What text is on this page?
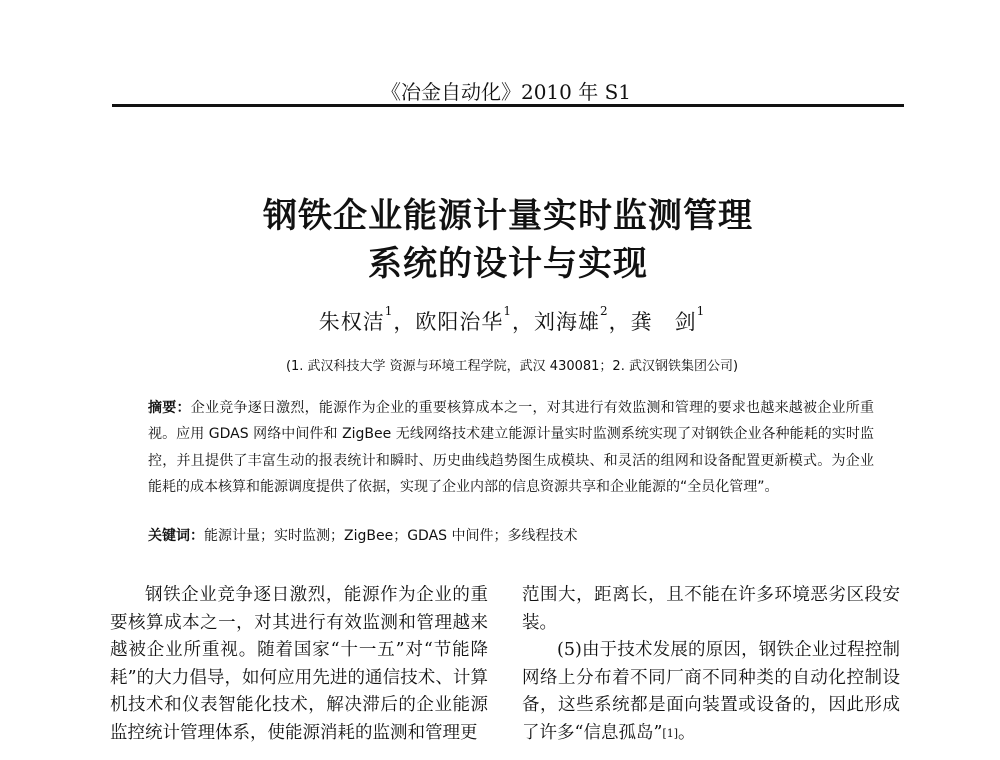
《冶金自动化》2010 年 S1
钢铁企业能源计量实时监测管理
系统的设计与实现
朱权洁$^1$，欧阳治华$^1$，刘海雄$^2$，龚　剑$^1$
(1. 武汉科技大学 资源与环境工程学院，武汉 430081；2. 武汉钢铁集团公司)
摘要：企业竞争逐日激烈，能源作为企业的重要核算成本之一，对其进行有效监测和管理的要求也越来越被企业所重视。应用 GDAS 网络中间件和 ZigBee 无线网络技术建立能源计量实时监测系统实现了对钢铁企业各种能耗的实时监控，并且提供了丰富生动的报表统计和瞬时、历史曲线趋势图生成模块、和灵活的组网和设备配置更新模式。为企业能耗的成本核算和能源调度提供了依据，实现了企业内部的信息资源共享和企业能源的“全员化管理”。
关键词：能源计量；实时监测；ZigBee；GDAS 中间件；多线程技术

钢铁企业竞争逐日激烈，能源作为企业的重要核算成本之一，对其进行有效监测和管理越来越被企业所重视。随着国家“十一五”对“节能降耗”的大力倡导，如何应用先进的通信技术、计算机技术和仪表智能化技术，解决滞后的企业能源监控统计管理体系，使能源消耗的监测和管理更

范围大，距离长，且不能在许多环境恶劣区段安装。

(5)由于技术发展的原因，钢铁企业过程控制网络上分布着不同厂商不同种类的自动化控制设备，这些系统都是面向装置或设备的，因此形成了许多“信息孤岛”[1]。
